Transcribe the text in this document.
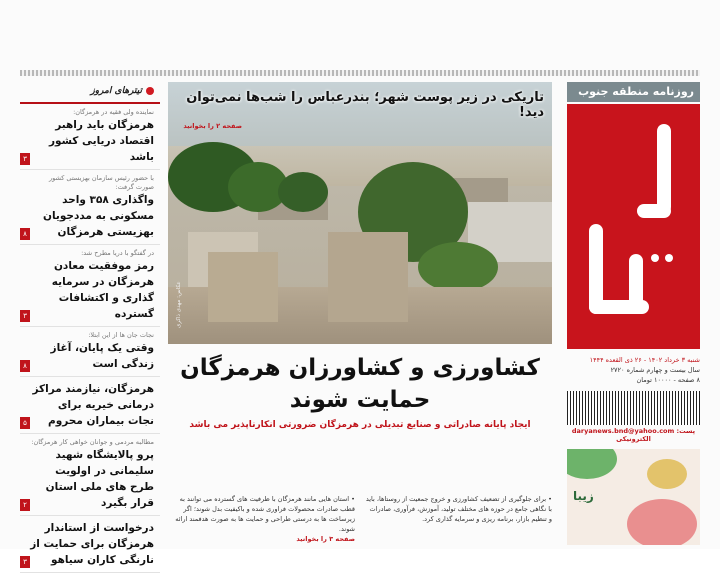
تیترهای امروز
نماینده ولی فقیه در هرمزگان:
هرمزگان باید راهبر اقتصاد دریایی کشور باشد
۳
با حضور رئیس سازمان بهزیستی کشور صورت گرفت:
واگذاری ۳۵۸ واحد مسکونی به مددجویان بهزیستی هرمزگان
۸
در گفتگو با دریا مطرح شد:
رمز موفقیت معادن هرمزگان در سرمایه گذاری و اکتشافات گسترده
۳
نجات جان ها از این ابتلا:
وقتی یک پایان، آغاز زندگی است
۸
هرمزگان، نیازمند مراکز درمانی خیریه برای نجات بیماران محروم
۵
مطالبه مردمی و جوانان خواهی کار هرمزگان:
پرو پالایشگاه شهید سلیمانی در اولویت طرح های ملی استان قرار بگیرد
۲
درخواست از استاندار هرمزگان برای حمایت از نارنگی کاران سیاهو
۳
تاریکی در زیر پوست شهر؛ بندرعباس را شب‌ها نمی‌توان دید!
صفحه ۲ را بخوانید
عکاس: مهدی ذاکری
کشاورزی و کشاورزان هرمزگان
حمایت شوند
ایجاد پایانه صادراتی و صنایع تبدیلی در هرمزگان ضرورتی انکارناپذیر می باشد
• برای جلوگیری از تضعیف کشاورزی و خروج جمعیت از روستاها، باید با نگاهی جامع در حوزه های مختلف تولید، آموزش، فرآوری، صادرات و تنظیم بازار، برنامه ریزی و سرمایه گذاری کرد.
• استان هایی مانند هرمزگان با ظرفیت های گسترده می توانند به قطب صادرات محصولات فراوری شده و باکیفیت بدل شوند؛ اگر زیرساخت ها به درستی طراحی و حمایت ها به صورت هدفمند ارائه شوند.
صفحه ۳ را بخوانید
روزنامه منطقه جنوب
شنبه ۳ خرداد ۱۴۰۲ - ۲۶ ذی القعده ۱۴۴۴
سال بیست و چهارم شماره ۲۷۲۰
۸ صفحه - ۱۰۰۰۰ تومان
daryanews.bnd@yahoo.com :پست الکترونیکی
زیبا
